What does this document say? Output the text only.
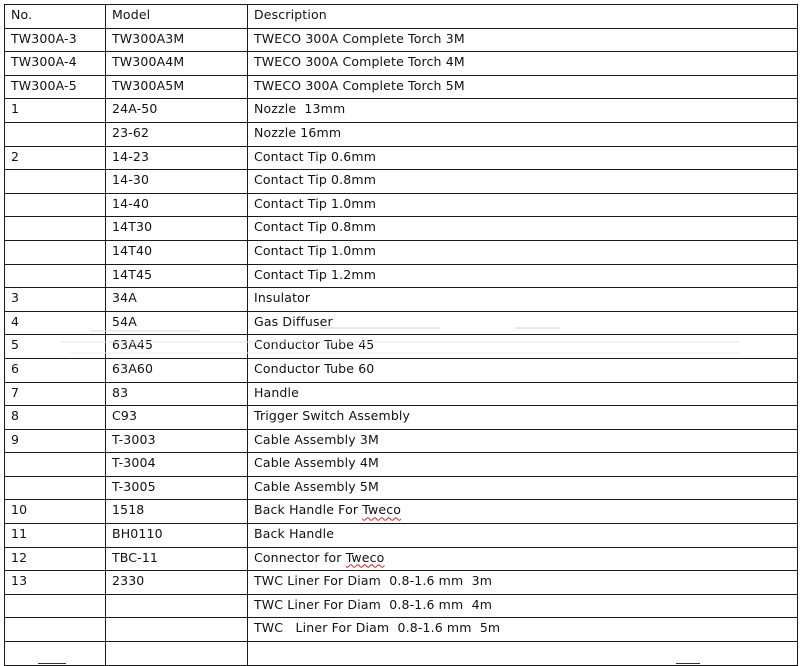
No.	Model	Description
TW300A-3	TW300A3M	TWECO 300A Complete Torch 3M
TW300A-4	TW300A4M	TWECO 300A Complete Torch 4M
TW300A-5	TW300A5M	TWECO 300A Complete Torch 5M
1	24A-50	Nozzle  13mm
	23-62	Nozzle 16mm
2	14-23	Contact Tip 0.6mm
	14-30	Contact Tip 0.8mm
	14-40	Contact Tip 1.0mm
	14T30	Contact Tip 0.8mm
	14T40	Contact Tip 1.0mm
	14T45	Contact Tip 1.2mm
3	34A	Insulator
4	54A	Gas Diffuser
5	63A45	Conductor Tube 45
6	63A60	Conductor Tube 60
7	83	Handle
8	C93	Trigger Switch Assembly
9	T-3003	Cable Assembly 3M
	T-3004	Cable Assembly 4M
	T-3005	Cable Assembly 5M
10	1518	Back Handle For Tweco
11	BH0110	Back Handle
12	TBC-11	Connector for Tweco
13	2330	TWC Liner For Diam  0.8-1.6 mm  3m
		TWC Liner For Diam  0.8-1.6 mm  4m
		TWC   Liner For Diam  0.8-1.6 mm  5m
